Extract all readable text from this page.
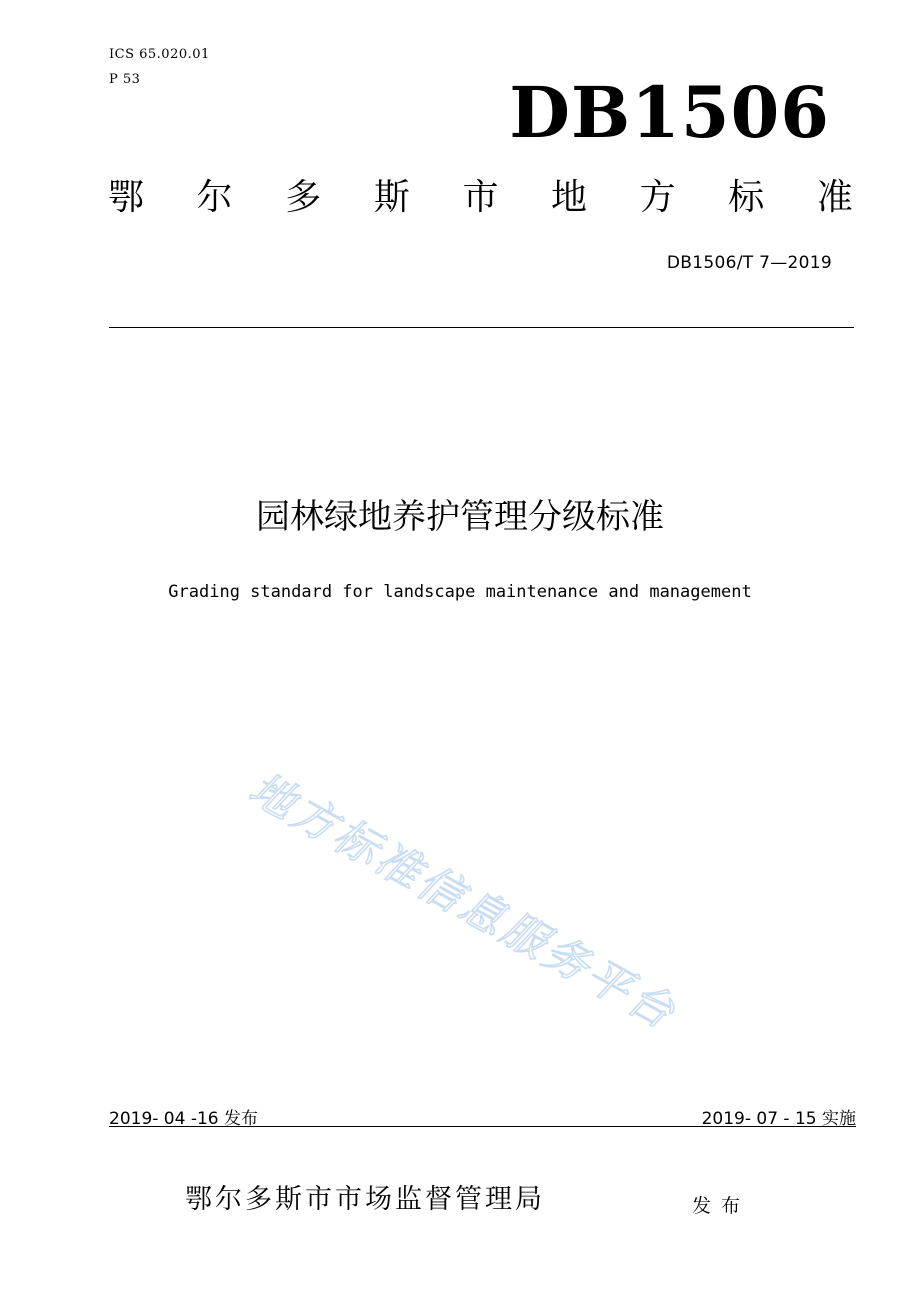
ICS 65.020.01
P 53	DB1506
鄂 尔 多 斯 市 地 方 标 准
DB1506/T 7—2019
园林绿地养护管理分级标准
Grading standard for landscape maintenance and management
地方标准信息服务平台
2019- 04 -16 发布	2019- 07 - 15 实施
鄂尔多斯市市场监督管理局	发布
